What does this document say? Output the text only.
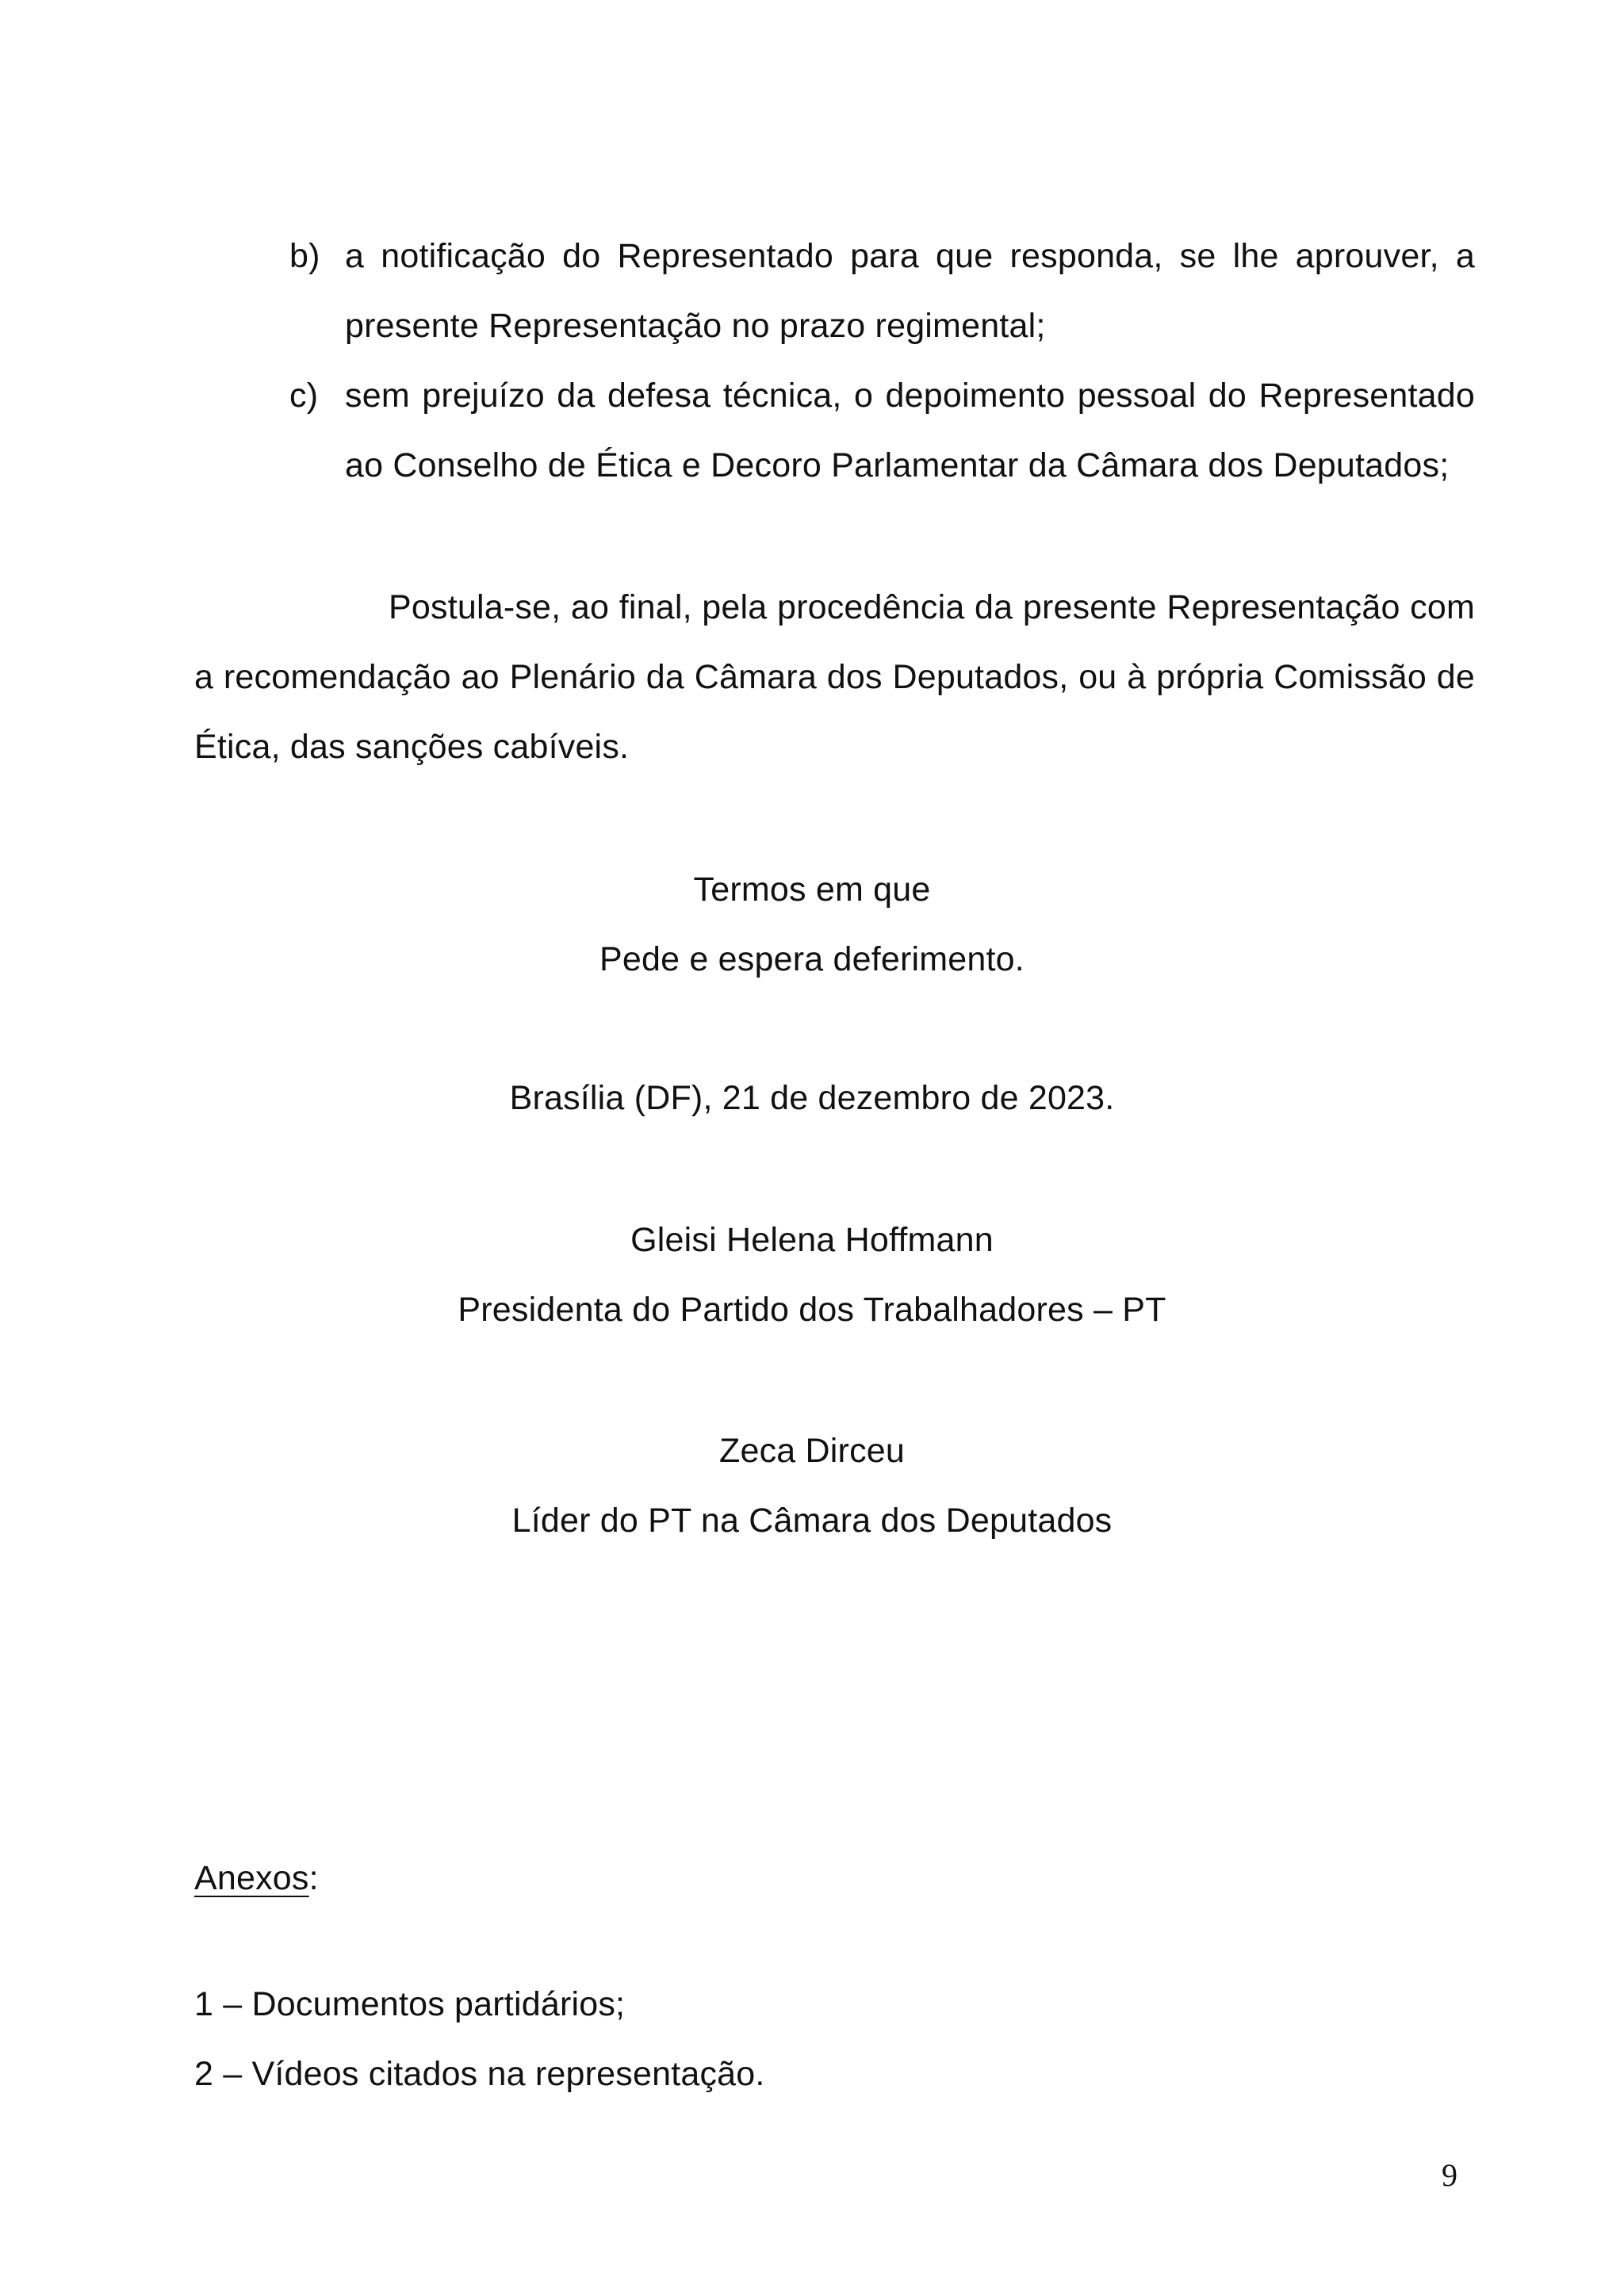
b) a notificação do Representado para que responda, se lhe aprouver, a presente Representação no prazo regimental;
c) sem prejuízo da defesa técnica, o depoimento pessoal do Representado ao Conselho de Ética e Decoro Parlamentar da Câmara dos Deputados;

Postula-se, ao final, pela procedência da presente Representação com a recomendação ao Plenário da Câmara dos Deputados, ou à própria Comissão de Ética, das sanções cabíveis.

Termos em que
Pede e espera deferimento.
Brasília (DF), 21 de dezembro de 2023.
Gleisi Helena Hoffmann
Presidenta do Partido dos Trabalhadores – PT
Zeca Dirceu
Líder do PT na Câmara dos Deputados
Anexos:
1 – Documentos partidários;
2 – Vídeos citados na representação.
9
